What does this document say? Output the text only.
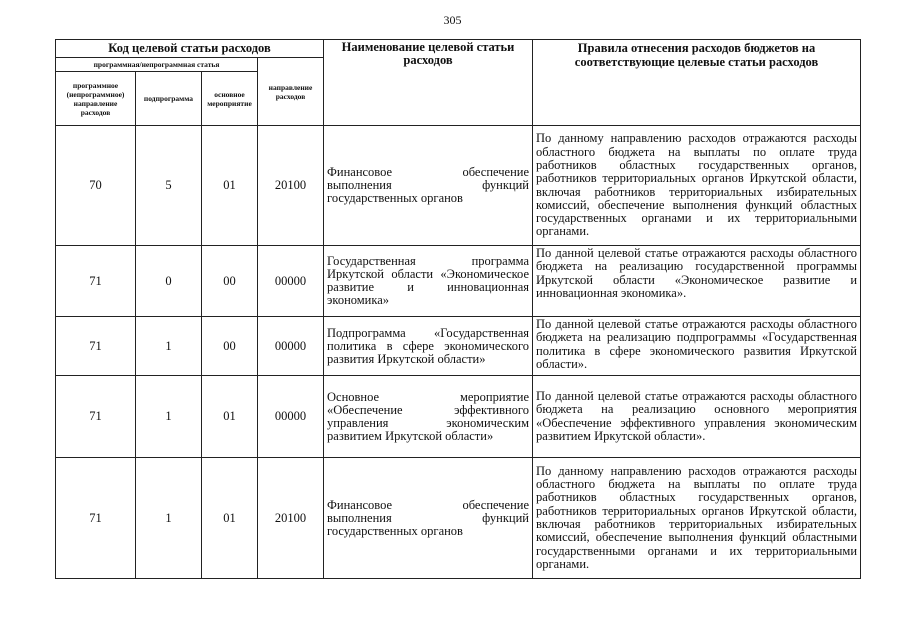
305
Код целевой статьи расходов				Наименование целевой статьи расходов	Правила отнесения расходов бюджетов на соответствующие целевые статьи расходов
программная/непрограммная статья			направление расходов		
программное (непрограммное) направление расходов	подпрограмма	основное мероприятие			
70	5	01	20100	Финансовое обеспечение выполнения функций государственных органов	По данному направлению расходов отражаются расходы областного бюджета на выплаты по оплате труда работников областных государственных органов, работников территориальных органов Иркутской области, включая работников территориальных избирательных комиссий, обеспечение выполнения функций областных государственных органами и их территориальными органами.
71	0	00	00000	Государственная программа Иркутской области «Экономическое развитие и инновационная экономика»	По данной целевой статье отражаются расходы областного бюджета на реализацию государственной программы Иркутской области «Экономическое развитие и инновационная экономика».
71	1	00	00000	Подпрограмма «Государственная политика в сфере экономического развития Иркутской области»	По данной целевой статье отражаются расходы областного бюджета на реализацию подпрограммы «Государственная политика в сфере экономического развития Иркутской области».
71	1	01	00000	Основное мероприятие «Обеспечение эффективного управления экономическим развитием Иркутской области»	По данной целевой статье отражаются расходы областного бюджета на реализацию основного мероприятия «Обеспечение эффективного управления экономическим развитием Иркутской области».
71	1	01	20100	Финансовое обеспечение выполнения функций государственных органов	По данному направлению расходов отражаются расходы областного бюджета на выплаты по оплате труда работников областных государственных органов, работников территориальных органов Иркутской области, включая работников территориальных избирательных комиссий, обеспечение выполнения функций областными государственными органами и их территориальными органами.
